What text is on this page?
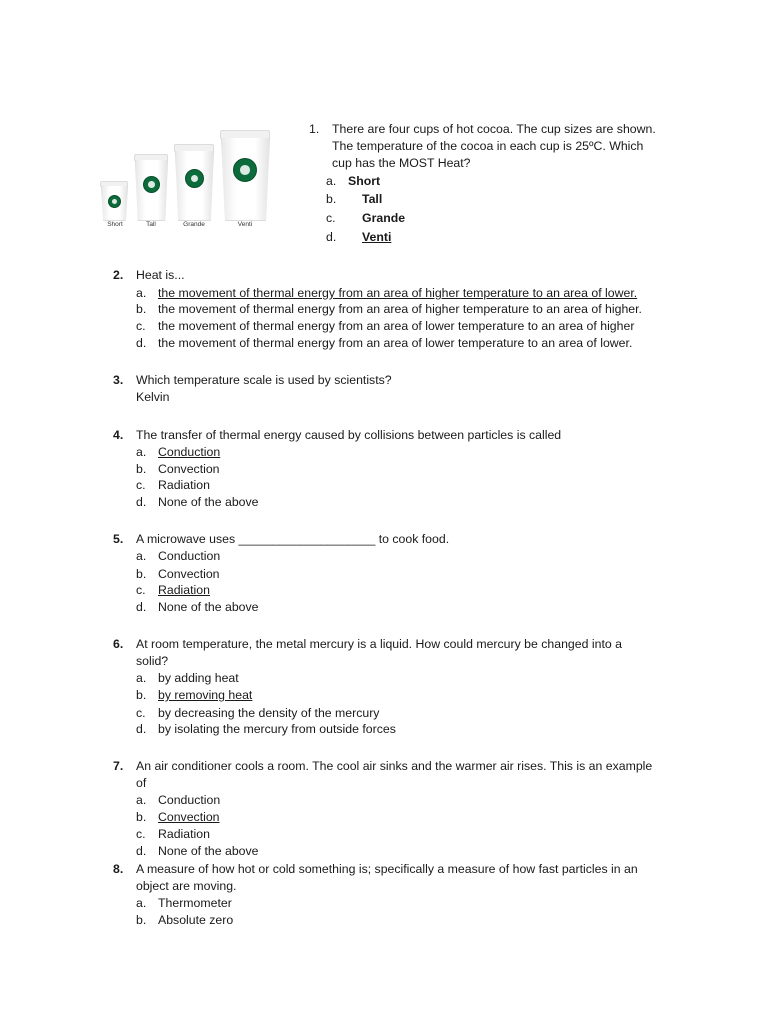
Short	Tall	Grande	Venti
1. There are four cups of hot cocoa. The cup sizes are shown.
The temperature of the cocoa in each cup is 25ºC. Which
cup has the MOST Heat?
a. Short
b. Tall
c. Grande
d. Venti
2. Heat is...
a. the movement of thermal energy from an area of higher temperature to an area of lower.
b. the movement of thermal energy from an area of higher temperature to an area of higher.
c. the movement of thermal energy from an area of lower temperature to an area of higher
d. the movement of thermal energy from an area of lower temperature to an area of lower.
3. Which temperature scale is used by scientists?
Kelvin
4. The transfer of thermal energy caused by collisions between particles is called
a. Conduction
b. Convection
c. Radiation
d. None of the above
5. A microwave uses ____________________ to cook food.
a. Conduction
b. Convection
c. Radiation
d. None of the above
6. At room temperature, the metal mercury is a liquid. How could mercury be changed into a
solid?
a. by adding heat
b. by removing heat
c. by decreasing the density of the mercury
d. by isolating the mercury from outside forces
7. An air conditioner cools a room. The cool air sinks and the warmer air rises. This is an example
of
a. Conduction
b. Convection
c. Radiation
d. None of the above
8. A measure of how hot or cold something is; specifically a measure of how fast particles in an
object are moving.
a. Thermometer
b. Absolute zero
